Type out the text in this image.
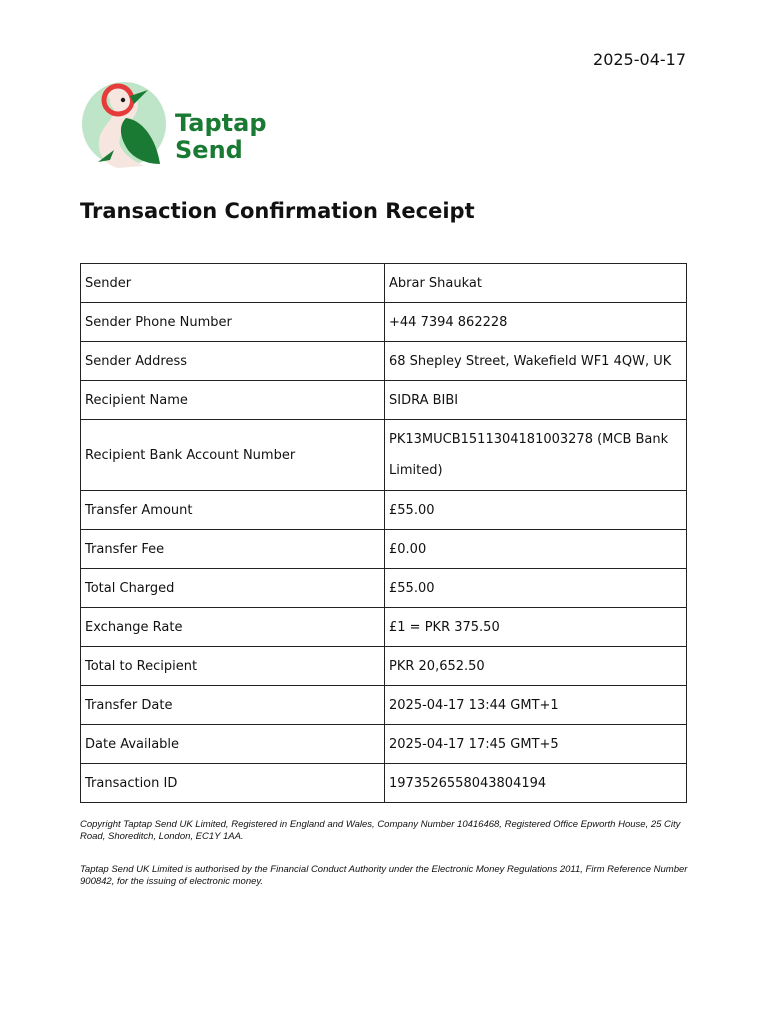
2025-04-17
Taptap
Send
Transaction Confirmation Receipt
Sender	Abrar Shaukat
Sender Phone Number	+44 7394 862228
Sender Address	68 Shepley Street, Wakefield WF1 4QW, UK
Recipient Name	SIDRA BIBI
Recipient Bank Account Number	PK13MUCB1511304181003278 (MCB Bank Limited)
Transfer Amount	£55.00
Transfer Fee	£0.00
Total Charged	£55.00
Exchange Rate	£1 = PKR 375.50
Total to Recipient	PKR 20,652.50
Transfer Date	2025-04-17 13:44 GMT+1
Date Available	2025-04-17 17:45 GMT+5
Transaction ID	1973526558043804194
Copyright Taptap Send UK Limited, Registered in England and Wales, Company Number 10416468, Registered Office Epworth House, 25 City Road, Shoreditch, London, EC1Y 1AA.
Taptap Send UK Limited is authorised by the Financial Conduct Authority under the Electronic Money Regulations 2011, Firm Reference Number 900842, for the issuing of electronic money.
